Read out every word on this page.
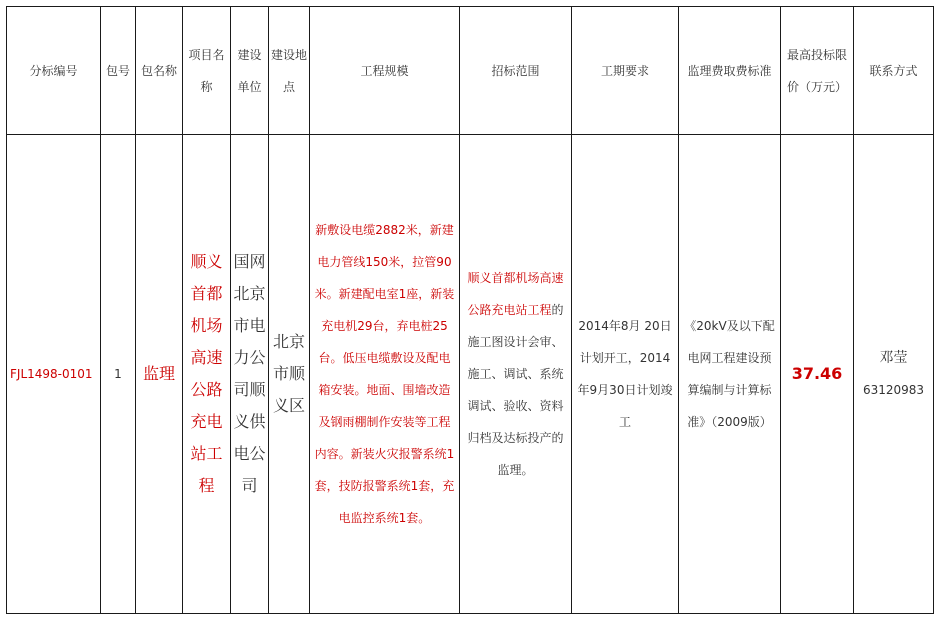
分标编号	包号	包名称	项目名称	建设单位	建设地点	工程规模	招标范围	工期要求	监理费取费标准	最高投标限价（万元）	联系方式
FJL1498-0101	1	监理	顺义首都机场高速公路充电站工程	国网北京市电力公司顺义供电公司	北京市顺义区	新敷设电缆2882米，新建电力管线150米，拉管90米。新建配电室1座，新装充电机29台，弃电桩25台。低压电缆敷设及配电箱安装。地面、围墙改造及钢雨棚制作安装等工程内容。新装火灾报警系统1套，技防报警系统1套，充电监控系统1套。	顺义首都机场高速公路充电站工程的施工图设计会审、施工、调试、系统调试、验收、资料归档及达标投产的监理。	2014年8月 20日计划开工，2014年9月30日计划竣工	《20kV及以下配电网工程建设预算编制与计算标准》（2009版）	37.46	邓莹
63120983
